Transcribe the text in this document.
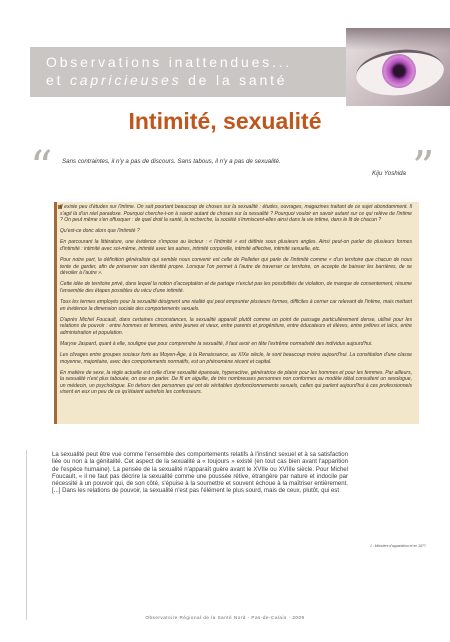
Observations inattendues...
et capricieuses de la santé
Intimité, sexualité
“ Sans contraintes, il n'y a pas de discours. Sans tabous, il n'y a pas de sexualité.
Kiju Yoshida ”

Il existe peu d'études sur l'intime. On sait pourtant beaucoup de choses sur la sexualité : études, ouvrages, magazines traitant de ce sujet abondamment. Il s'agit là d'un réel paradoxe. Pourquoi cherche-t-on à savoir autant de choses sur la sexualité ? Pourquoi vouloir en savoir autant sur ce qui relève de l'intime ? On peut même s'en offusquer : de quel droit la santé, la recherche, la société s'immiscent-elles ainsi dans la vie intime, dans le lit de chacun ?

Qu'est-ce donc alors que l'intimité ?

En parcourant la littérature, une évidence s'impose au lecteur : « l'intimité » est définie sous plusieurs angles. Ainsi peut-on parler de plusieurs formes d'intimité : intimité avec soi-même, intimité avec les autres, intimité corporelle, intimité affective, intimité sexuelle, etc.

Pour notre part, la définition généraliste qui semble nous convenir est celle de Pelletier qui parle de l'intimité comme « d'un territoire que chacun de nous tente de garder, afin de préserver son identité propre. Lorsque l'on permet à l'autre de traverser ce territoire, on accepte de baisser les barrières, de se dévoiler à l'autre ».

Cette idée de territoire privé, dans lequel la notion d'acceptation et de partage n'exclut pas les possibilités de violation, de manque de consentement, résume l'ensemble des étapes possibles du vécu d'une intimité.

Tous les termes employés pour la sexualité désignent une réalité qui peut emprunter plusieurs formes, difficiles à cerner car relevant de l'intime, mais mettant en évidence la dimension sociale des comportements sexuels.

D'après Michel Foucault, dans certaines circonstances, la sexualité apparaît plutôt comme un point de passage particulièrement dense, utilisé pour les relations de pouvoir : entre hommes et femmes, entre jeunes et vieux, entre parents et progéniture, entre éducateurs et élèves, entre prêtres et laïcs, entre administration et population.

Maryse Jaspard, quant à elle, souligne que pour comprendre la sexualité, il faut avoir en tête l'extrême normativité des individus aujourd'hui.

Les clivages entre groupes sociaux forts au Moyen-Âge, à la Renaissance, au XIXe siècle, le sont beaucoup moins aujourd'hui. La constitution d'une classe moyenne, majoritaire, avec des comportements normatifs, est un phénomène récent et capital.

En matière de sexe, la règle actuelle est celle d'une sexualité épanouie, hyperactive, génératrice de plaisir pour les hommes et pour les femmes. Par ailleurs, la sexualité n'est plus tabouée, on ose en parler. De fil en aiguille, de très nombreuses personnes non conformes au modèle idéal consultent un sexologue, un médecin, un psychologue. En dehors des personnes qui ont de véritables dysfonctionnements sexuels, celles qui parlent aujourd'hui à ces professionnels visent en eux un peu de ce qu'étaient autrefois les confesseurs.

La sexualité peut être vue comme l'ensemble des comportements relatifs à l'instinct sexuel et à sa satisfaction liée ou non à la génitalité. Cet aspect de la sexualité a « toujours » existé (en tout cas bien avant l'apparition de l'espèce humaine). La pensée de la sexualité n'apparaît guère avant le XVIIe ou XVIIIe siècle. Pour Michel Foucault, « il ne faut pas décrire la sexualité comme une poussée rétive, étrangère par nature et indocile par nécessité à un pouvoir qui, de son côté, s'épuise à la soumettre et souvent échoue à la maîtriser entièrement. [...] Dans les relations de pouvoir, la sexualité n'est pas l'élément le plus sourd, mais de ceux, plutôt, qui est
1 : Ministère d'appariation et en 19??
Observatoire Régional de la Santé Nord - Pas-de-Calais · 2009
